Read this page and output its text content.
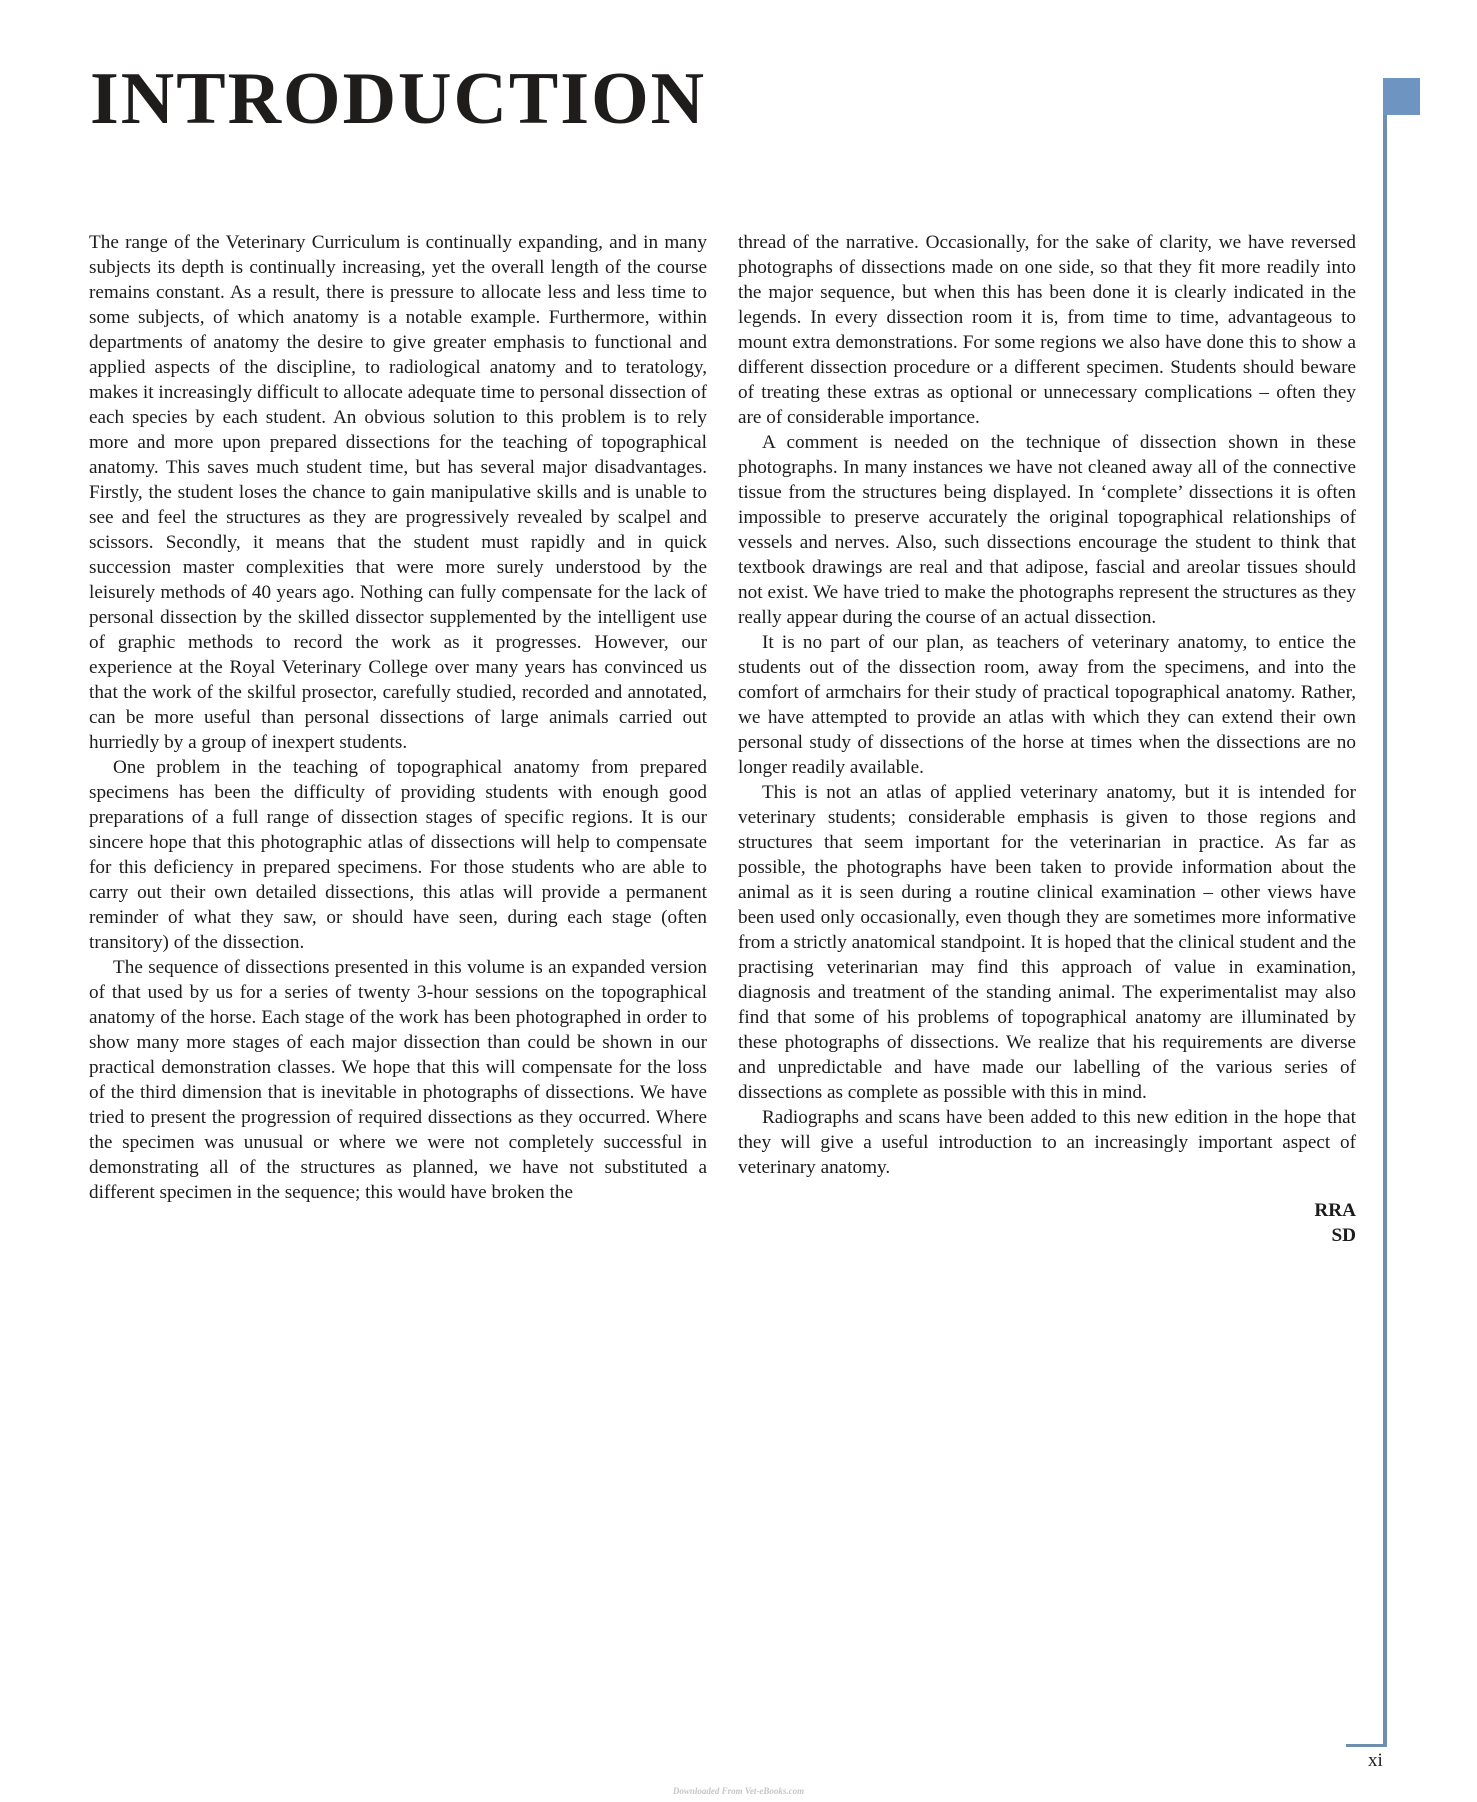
INTRODUCTION

The range of the Veterinary Curriculum is continually expanding, and in many subjects its depth is continually increasing, yet the overall length of the course remains constant. As a result, there is pressure to allocate less and less time to some subjects, of which anatomy is a notable example. Furthermore, within departments of anatomy the desire to give greater emphasis to functional and applied aspects of the discipline, to radiological anatomy and to teratology, makes it increasingly difficult to allocate adequate time to personal dissection of each species by each student. An obvious solution to this problem is to rely more and more upon prepared dissections for the teaching of topographical anatomy. This saves much student time, but has several major disadvantages. Firstly, the student loses the chance to gain manipulative skills and is unable to see and feel the structures as they are progressively revealed by scalpel and scissors. Secondly, it means that the student must rapidly and in quick succession master complexities that were more surely understood by the leisurely methods of 40 years ago. Nothing can fully compensate for the lack of personal dissection by the skilled dissector supplemented by the intelligent use of graphic methods to record the work as it progresses. However, our experience at the Royal Veterinary College over many years has convinced us that the work of the skilful prosector, carefully studied, recorded and annotated, can be more useful than personal dissections of large animals carried out hurriedly by a group of inexpert students.

One problem in the teaching of topographical anatomy from prepared specimens has been the difficulty of providing students with enough good preparations of a full range of dissection stages of specific regions. It is our sincere hope that this photographic atlas of dissections will help to compensate for this deficiency in prepared specimens. For those students who are able to carry out their own detailed dissections, this atlas will provide a permanent reminder of what they saw, or should have seen, during each stage (often transitory) of the dissection.

The sequence of dissections presented in this volume is an expanded version of that used by us for a series of twenty 3-hour sessions on the topographical anatomy of the horse. Each stage of the work has been photographed in order to show many more stages of each major dissection than could be shown in our practical demonstration classes. We hope that this will compensate for the loss of the third dimension that is inevitable in photographs of dissections. We have tried to present the progression of required dissections as they occurred. Where the specimen was unusual or where we were not completely successful in demonstrating all of the structures as planned, we have not substituted a different specimen in the sequence; this would have broken the

thread of the narrative. Occasionally, for the sake of clarity, we have reversed photographs of dissections made on one side, so that they fit more readily into the major sequence, but when this has been done it is clearly indicated in the legends. In every dissection room it is, from time to time, advantageous to mount extra demonstrations. For some regions we also have done this to show a different dissection procedure or a different specimen. Students should beware of treating these extras as optional or unnecessary complications – often they are of considerable importance.

A comment is needed on the technique of dissection shown in these photographs. In many instances we have not cleaned away all of the connective tissue from the structures being displayed. In ‘complete’ dissections it is often impossible to preserve accurately the original topographical relationships of vessels and nerves. Also, such dissections encourage the student to think that textbook drawings are real and that adipose, fascial and areolar tissues should not exist. We have tried to make the photographs represent the structures as they really appear during the course of an actual dissection.

It is no part of our plan, as teachers of veterinary anatomy, to entice the students out of the dissection room, away from the specimens, and into the comfort of armchairs for their study of practical topographical anatomy. Rather, we have attempted to provide an atlas with which they can extend their own personal study of dissections of the horse at times when the dissections are no longer readily available.

This is not an atlas of applied veterinary anatomy, but it is intended for veterinary students; considerable emphasis is given to those regions and structures that seem important for the veterinarian in practice. As far as possible, the photographs have been taken to provide information about the animal as it is seen during a routine clinical examination – other views have been used only occasionally, even though they are sometimes more informative from a strictly anatomical standpoint. It is hoped that the clinical student and the practising veterinarian may find this approach of value in examination, diagnosis and treatment of the standing animal. The experimentalist may also find that some of his problems of topographical anatomy are illuminated by these photographs of dissections. We realize that his requirements are diverse and unpredictable and have made our labelling of the various series of dissections as complete as possible with this in mind.

Radiographs and scans have been added to this new edition in the hope that they will give a useful introduction to an increasingly important aspect of veterinary anatomy.

RRA
SD
xi
Downloaded From Vet-eBooks.com
